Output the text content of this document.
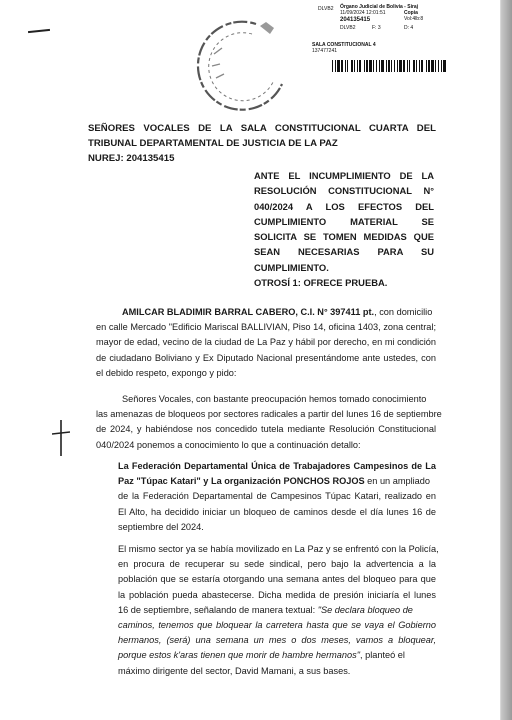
DLVB2 Órgano Judicial de Bolivia - Siraj
11/09/2024 12:01:51	Copia
204135415	Vol:4lb:8
DLVB2	F: 3	D: 4
SALA CONSTITUCIONAL 4
137477241
SEÑORES VOCALES DE LA SALA CONSTITUCIONAL CUARTA DEL
TRIBUNAL DEPARTAMENTAL DE JUSTICIA DE LA PAZ
NUREJ: 204135415
ANTE EL INCUMPLIMIENTO DE LA
RESOLUCIÓN CONSTITUCIONAL N°
040/2024 A LOS EFECTOS DEL
CUMPLIMIENTO MATERIAL SE
SOLICITA SE TOMEN MEDIDAS QUE
SEAN NECESARIAS PARA SU
CUMPLIMIENTO.
OTROSÍ 1: OFRECE PRUEBA.
AMILCAR BLADIMIR BARRAL CABERO, C.I. N° 397411 pt., con domicilio
en calle Mercado "Edificio Mariscal BALLIVIAN, Piso 14, oficina 1403, zona central;
mayor de edad, vecino de la ciudad de La Paz y hábil por derecho, en mi condición
de ciudadano Boliviano y Ex Diputado Nacional presentándome ante ustedes, con
el debido respeto, expongo y pido:
Señores Vocales, con bastante preocupación hemos tomado conocimiento
las amenazas de bloqueos por sectores radicales a partir del lunes 16 de septiembre
de 2024, y habiéndose nos concedido tutela mediante Resolución Constitucional
040/2024 ponemos a conocimiento lo que a continuación detallo:
La Federación Departamental Única de Trabajadores Campesinos de La
Paz "Túpac Katari" y La organización PONCHOS ROJOS en un ampliado
de la Federación Departamental de Campesinos Túpac Katari, realizado en
El Alto, ha decidido iniciar un bloqueo de caminos desde el día lunes 16 de
septiembre del 2024.
El mismo sector ya se había movilizado en La Paz y se enfrentó con la Policía,
en procura de recuperar su sede sindical, pero bajo la advertencia a la
población que se estaría otorgando una semana antes del bloqueo para que
la población pueda abastecerse. Dicha medida de presión iniciaría el lunes
16 de septiembre, señalando de manera textual: "Se declara bloqueo de
caminos, tenemos que bloquear la carretera hasta que se vaya el Gobierno
hermanos, (será) una semana un mes o dos meses, vamos a bloquear,
porque estos k'aras tienen que morir de hambre hermanos", planteó el
máximo dirigente del sector, David Mamani, a sus bases.
